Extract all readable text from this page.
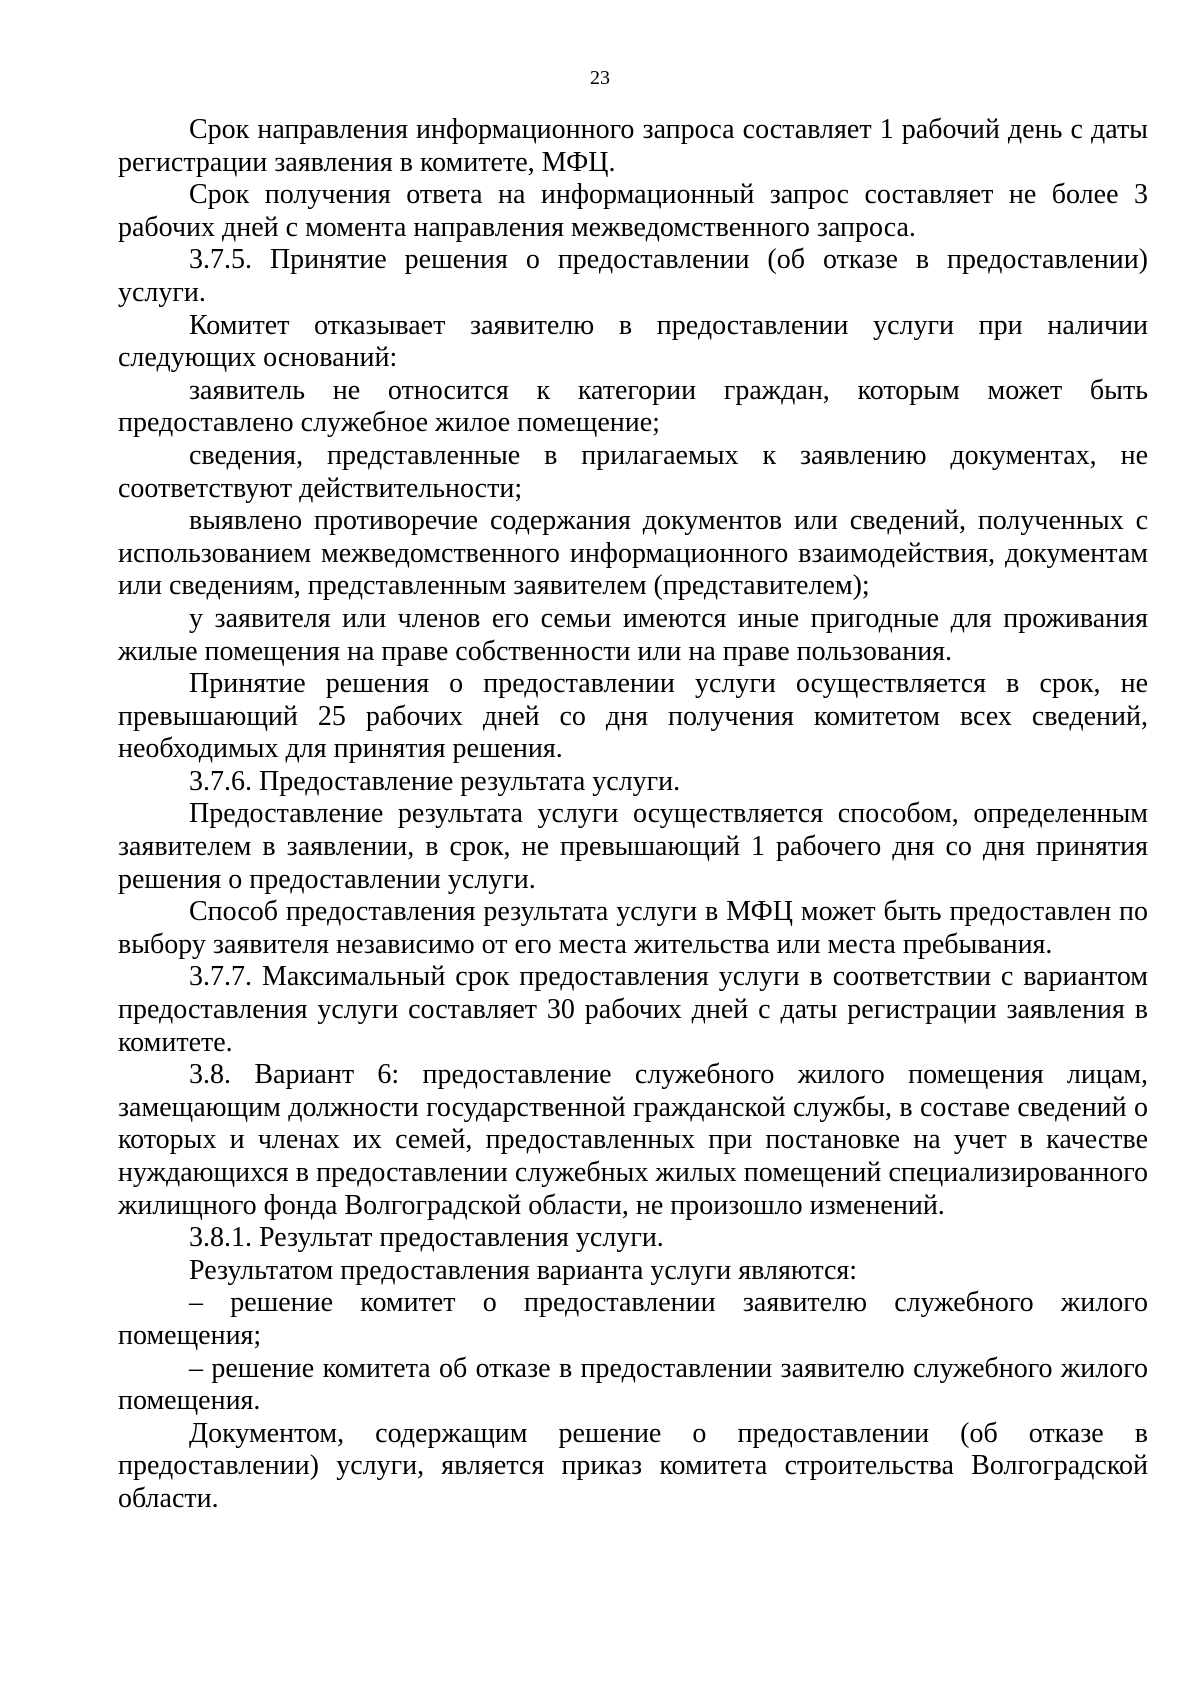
23

Срок направления информационного запроса составляет 1 рабочий день с даты регистрации заявления в комитете, МФЦ.

Срок получения ответа на информационный запрос составляет не более 3 рабочих дней с момента направления межведомственного запроса.

3.7.5. Принятие решения о предоставлении (об отказе в предоставлении) услуги.

Комитет отказывает заявителю в предоставлении услуги при наличии следующих оснований:

заявитель не относится к категории граждан, которым может быть предоставлено служебное жилое помещение;

сведения, представленные в прилагаемых к заявлению документах, не соответствуют действительности;

выявлено противоречие содержания документов или сведений, полученных с использованием межведомственного информационного взаимодействия, документам или сведениям, представленным заявителем (представителем);

у заявителя или членов его семьи имеются иные пригодные для проживания жилые помещения на праве собственности или на праве пользования.

Принятие решения о предоставлении услуги осуществляется в срок, не превышающий 25 рабочих дней со дня получения комитетом всех сведений, необходимых для принятия решения.

3.7.6. Предоставление результата услуги.

Предоставление результата услуги осуществляется способом, определенным заявителем в заявлении, в срок, не превышающий 1 рабочего дня со дня принятия решения о предоставлении услуги.

Способ предоставления результата услуги в МФЦ может быть предоставлен по выбору заявителя независимо от его места жительства или места пребывания.

3.7.7. Максимальный срок предоставления услуги в соответствии с вариантом предоставления услуги составляет 30 рабочих дней с даты регистрации заявления в комитете.

3.8. Вариант 6: предоставление служебного жилого помещения лицам, замещающим должности государственной гражданской службы, в составе сведений о которых и членах их семей, предоставленных при постановке на учет в качестве нуждающихся в предоставлении служебных жилых помещений специализированного жилищного фонда Волгоградской области, не произошло изменений.

3.8.1. Результат предоставления услуги.

Результатом предоставления варианта услуги являются:

– решение комитет о предоставлении заявителю служебного жилого помещения;

– решение комитета об отказе в предоставлении заявителю служебного жилого помещения.

Документом, содержащим решение о предоставлении (об отказе в предоставлении) услуги, является приказ комитета строительства Волгоградской области.
